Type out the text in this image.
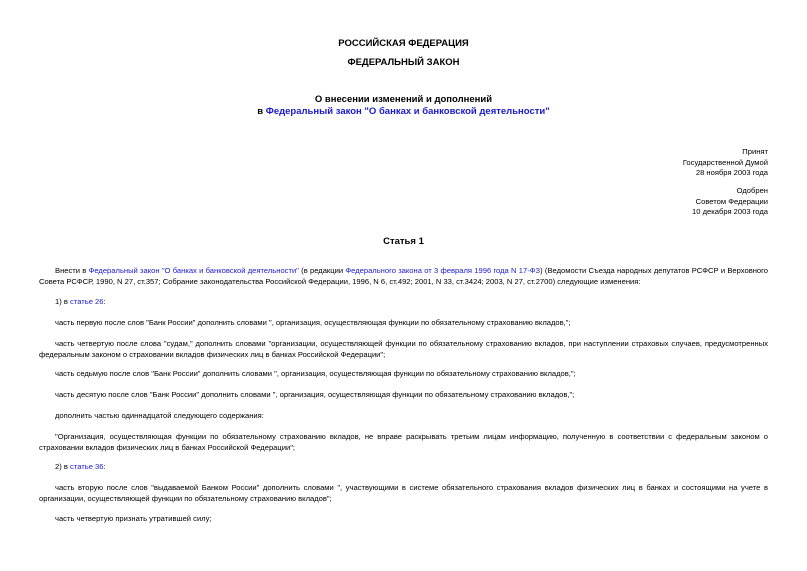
РОССИЙСКАЯ ФЕДЕРАЦИЯ
ФЕДЕРАЛЬНЫЙ ЗАКОН
О внесении изменений и дополнений
в Федеральный закон "О банках и банковской деятельности"
Принят
Государственной Думой
28 ноября 2003 года
Одобрен
Советом Федерации
10 декабря 2003 года
Статья 1
Внести в Федеральный закон "О банках и банковской деятельности" (в редакции Федерального закона от 3 февраля 1996 года N 17-ФЗ) (Ведомости Съезда народных депутатов РСФСР и Верховного Совета РСФСР, 1990, N 27, ст.357; Собрание законодательства Российской Федерации, 1996, N 6, ст.492; 2001, N 33, ст.3424; 2003, N 27, ст.2700) следующие изменения:
1) в статье 26:
часть первую после слов "Банк России" дополнить словами ", организация, осуществляющая функции по обязательному страхованию вкладов,";
часть четвертую после слова "судам," дополнить словами "организации, осуществляющей функции по обязательному страхованию вкладов, при наступлении страховых случаев, предусмотренных федеральным законом о страховании вкладов физических лиц в банках Российской Федерации";
часть седьмую после слов "Банк России" дополнить словами ", организация, осуществляющая функции по обязательному страхованию вкладов,";
часть десятую после слов "Банк России" дополнить словами ", организация, осуществляющая функции по обязательному страхованию вкладов,";
дополнить частью одиннадцатой следующего содержания:
"Организация, осуществляющая функции по обязательному страхованию вкладов, не вправе раскрывать третьим лицам информацию, полученную в соответствии с федеральным законом о страховании вкладов физических лиц в банках Российской Федерации";
2) в статье 36:
часть вторую после слов "выдаваемой Банком России" дополнить словами ", участвующими в системе обязательного страхования вкладов физических лиц в банках и состоящими на учете в организации, осуществляющей функции по обязательному страхованию вкладов";
часть четвертую признать утратившей силу;
